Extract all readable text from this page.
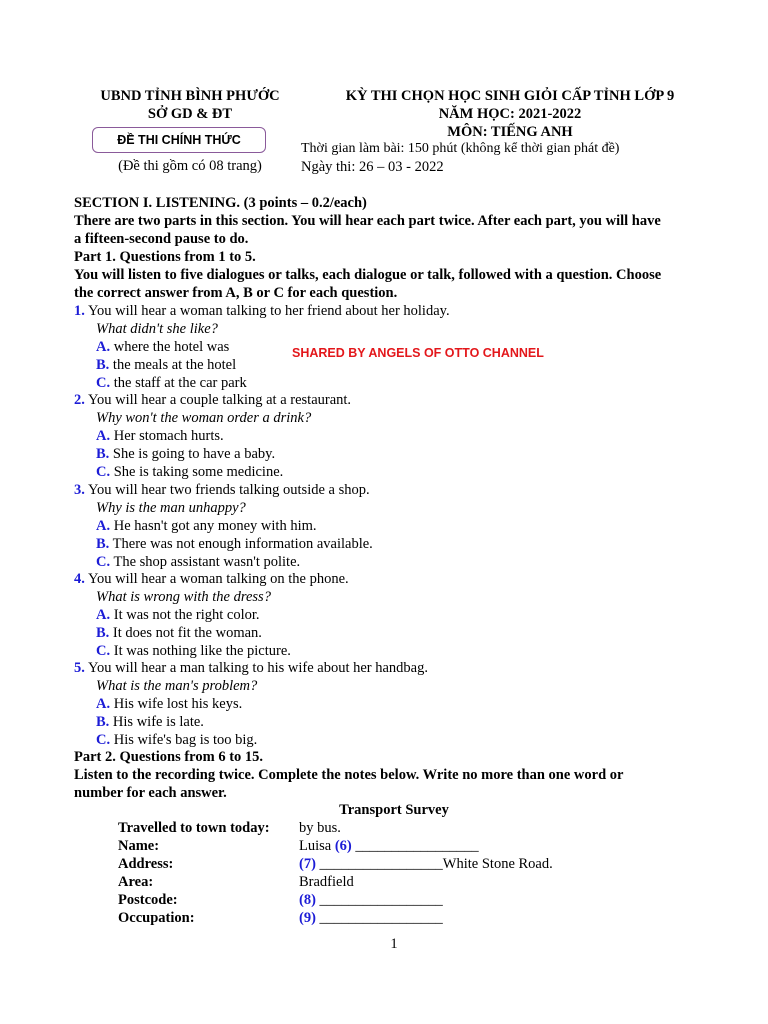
UBND TỈNH BÌNH PHƯỚC
SỞ GD & ĐT
ĐỀ THI CHÍNH THỨC
(Đề thi gồm có 08 trang)
KỲ THI CHỌN HỌC SINH GIỎI CẤP TỈNH LỚP 9
NĂM HỌC: 2021-2022
MÔN: TIẾNG ANH
Thời gian làm bài: 150 phút (không kể thời gian phát đề)
Ngày thi: 26 – 03 - 2022
SECTION I. LISTENING. (3 points – 0.2/each)
There are two parts in this section. You will hear each part twice. After each part, you will have
a fifteen-second pause to do.
Part 1. Questions from 1 to 5.
You will listen to five dialogues or talks, each dialogue or talk, followed with a question. Choose
the correct answer from A, B or C for each question.
1. You will hear a woman talking to her friend about her holiday.
What didn't she like?
A. where the hotel was
B. the meals at the hotel
C. the staff at the car park
2. You will hear a couple talking at a restaurant.
Why won't the woman order a drink?
A. Her stomach hurts.
B. She is going to have a baby.
C. She is taking some medicine.
3. You will hear two friends talking outside a shop.
Why is the man unhappy?
A. He hasn't got any money with him.
B. There was not enough information available.
C. The shop assistant wasn't polite.
4. You will hear a woman talking on the phone.
What is wrong with the dress?
A. It was not the right color.
B. It does not fit the woman.
C. It was nothing like the picture.
5. You will hear a man talking to his wife about her handbag.
What is the man's problem?
A. His wife lost his keys.
B. His wife is late.
C. His wife's bag is too big.
Part 2. Questions from 6 to 15.
Listen to the recording twice. Complete the notes below. Write no more than one word or
number for each answer.
Transport Survey
Travelled to town today: by bus.
Name:	Luisa (6) _________________
Address:	(7) _________________White Stone Road.
Area:	Bradfield
Postcode:	(8) _________________
Occupation:	(9) _________________
SHARED BY ANGELS OF OTTO CHANNEL
1
